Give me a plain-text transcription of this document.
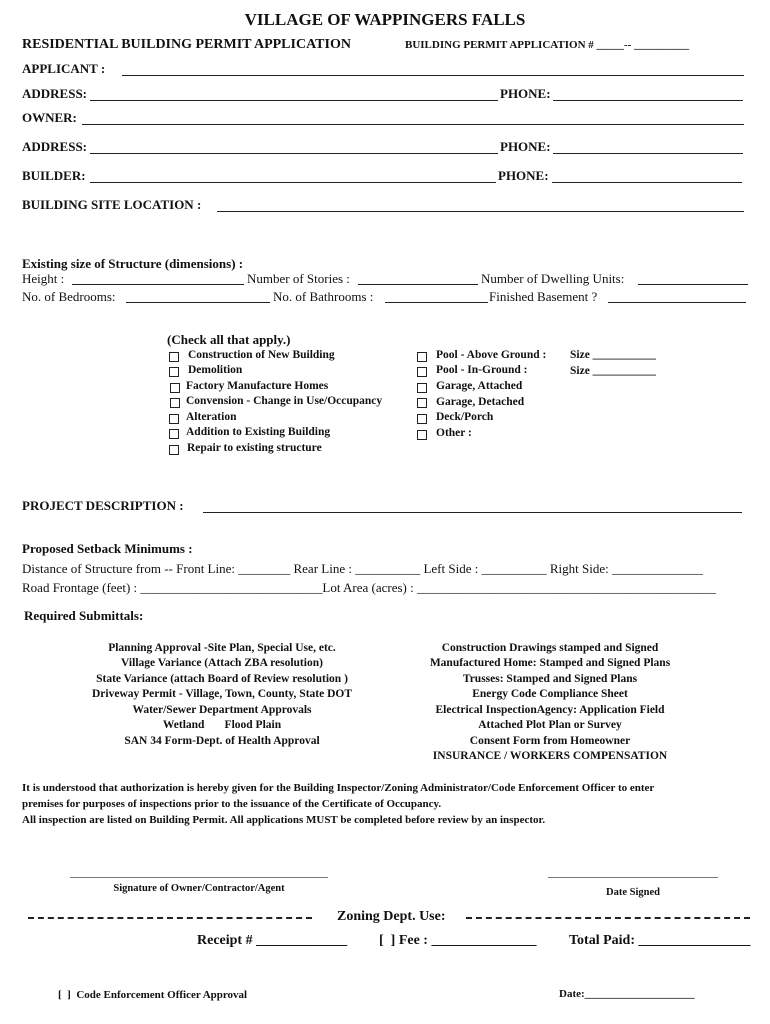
VILLAGE OF WAPPINGERS FALLS
RESIDENTIAL BUILDING PERMIT APPLICATION	BUILDING PERMIT APPLICATION # _____-- __________
APPLICANT :
ADDRESS:	PHONE:
OWNER:
ADDRESS:	PHONE:
BUILDER:	PHONE:
BUILDING SITE LOCATION :
Existing size of Structure (dimensions) :
Height :	Number of Stories :	Number of Dwelling Units:
No. of Bedrooms:	No. of Bathrooms :	Finished Basement ?
(Check all that apply.)
Construction of New Building
Demolition
Factory Manufacture Homes
Convension - Change in Use/Occupancy
Alteration
Addition to Existing Building
Repair to existing structure
Pool - Above Ground : Size ___________
Pool - In-Ground :	Size ___________
Garage, Attached
Garage, Detached
Deck/Porch
Other :
PROJECT DESCRIPTION :
Proposed Setback Minimums :
Distance of Structure from -- Front Line: ________ Rear Line : __________ Left Side : __________ Right Side: ______________
Road Frontage (feet) : ____________________________Lot Area (acres) : ______________________________________________
Required Submittals:
Planning Approval -Site Plan, Special Use, etc.
Village Variance (Attach ZBA resolution)
State Variance (attach Board of Review resolution )
Driveway Permit - Village, Town, County, State DOT
Water/Sewer Department Approvals
Wetland       Flood Plain
SAN 34 Form-Dept. of Health Approval
Construction Drawings stamped and Signed
Manufactured Home: Stamped and Signed Plans
Trusses: Stamped and Signed Plans
Energy Code Compliance Sheet
Electrical InspectionAgency: Application Field
Attached Plot Plan or Survey
Consent Form from Homeowner
INSURANCE / WORKERS COMPENSATION
It is understood that authorization is hereby given for the Building Inspector/Zoning Administrator/Code Enforcement Officer to enter
premises for purposes of inspections prior to the issuance of the Certificate of Occupancy.
All inspection are listed on Building Permit. All applications MUST be completed before review by an inspector.
Signature of Owner/Contractor/Agent	Date Signed
Zoning Dept. Use:
Receipt # _____________ [  ] Fee : _______________ Total Paid: ________________
[  ]  Code Enforcement Officer Approval	Date:____________________
